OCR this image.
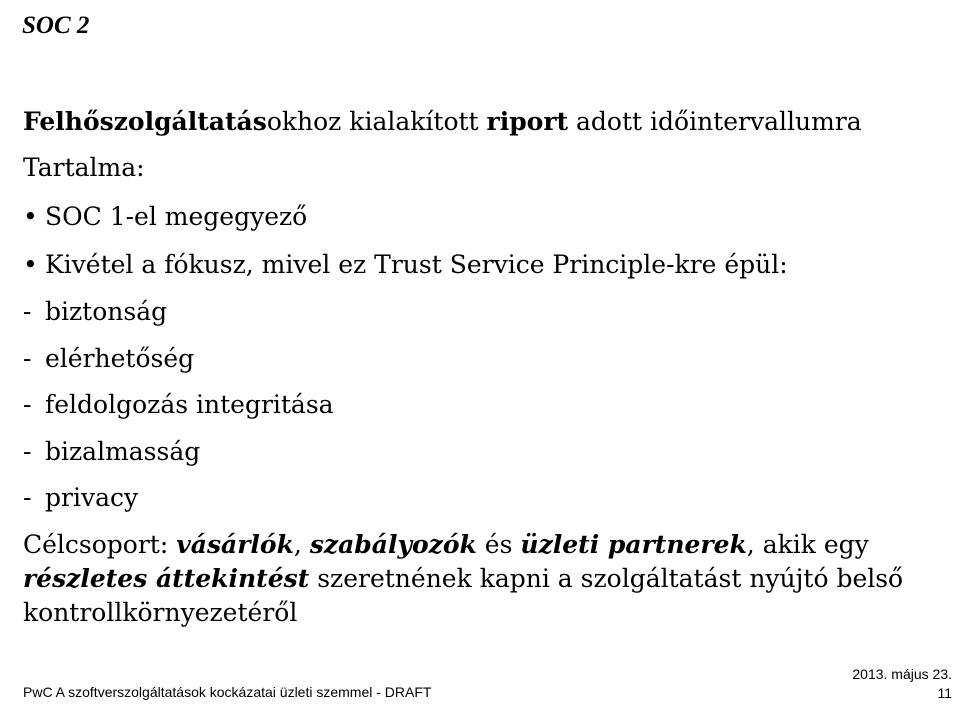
SOC 2
Felhőszolgáltatásokhoz kialakított riport adott időintervallumra
Tartalma:
• SOC 1-el megegyező
• Kivétel a fókusz, mivel ez Trust Service Principle-kre épül:
- biztonság
- elérhetőség
- feldolgozás integritása
- bizalmasság
- privacy
Célcsoport: vásárlók, szabályozók és üzleti partnerek, akik egy részletes áttekintést szeretnének kapni a szolgáltatást nyújtó belső kontrollkörnyezetéről
PwC A szoftverszolgáltatások kockázatai üzleti szemmel - DRAFT
2013. május 23.
11
